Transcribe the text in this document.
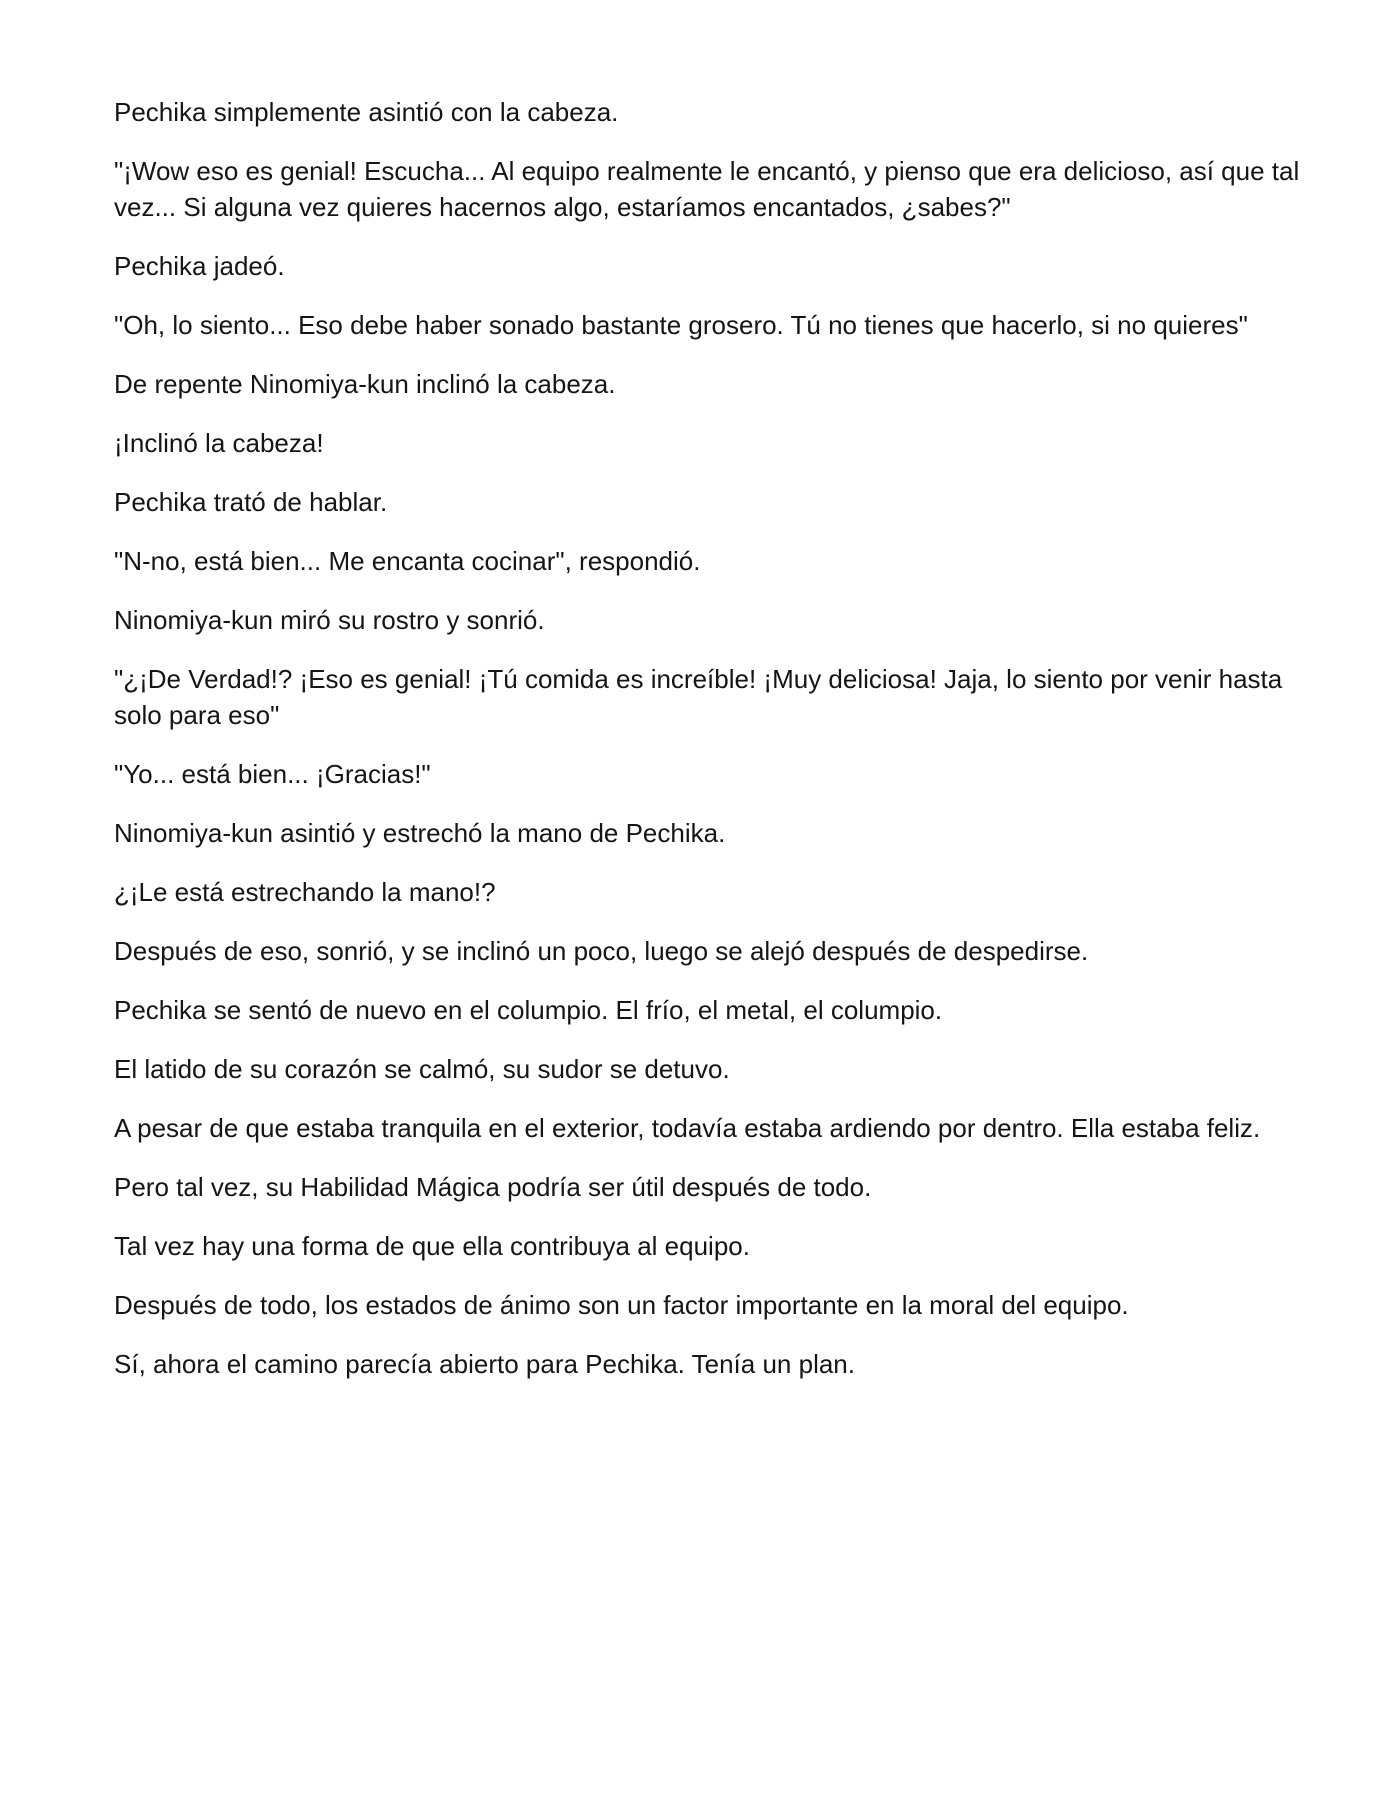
Pechika simplemente asintió con la cabeza.

"¡Wow eso es genial! Escucha... Al equipo realmente le encantó, y pienso que era delicioso, así que tal vez... Si alguna vez quieres hacernos algo, estaríamos encantados, ¿sabes?"

Pechika jadeó.

"Oh, lo siento... Eso debe haber sonado bastante grosero. Tú no tienes que hacerlo, si no quieres"

De repente Ninomiya-kun inclinó la cabeza.

¡Inclinó la cabeza!

Pechika trató de hablar.

"N-no, está bien... Me encanta cocinar", respondió.

Ninomiya-kun miró su rostro y sonrió.

"¿¡De Verdad!? ¡Eso es genial! ¡Tú comida es increíble! ¡Muy deliciosa! Jaja, lo siento por venir hasta solo para eso"

"Yo... está bien... ¡Gracias!"

Ninomiya-kun asintió y estrechó la mano de Pechika.

¿¡Le está estrechando la mano!?

Después de eso, sonrió, y se inclinó un poco, luego se alejó después de despedirse.

Pechika se sentó de nuevo en el columpio. El frío, el metal, el columpio.

El latido de su corazón se calmó, su sudor se detuvo.

A pesar de que estaba tranquila en el exterior, todavía estaba ardiendo por dentro. Ella estaba feliz.

Pero tal vez, su Habilidad Mágica podría ser útil después de todo.

Tal vez hay una forma de que ella contribuya al equipo.

Después de todo, los estados de ánimo son un factor importante en la moral del equipo.

Sí, ahora el camino parecía abierto para Pechika. Tenía un plan.
